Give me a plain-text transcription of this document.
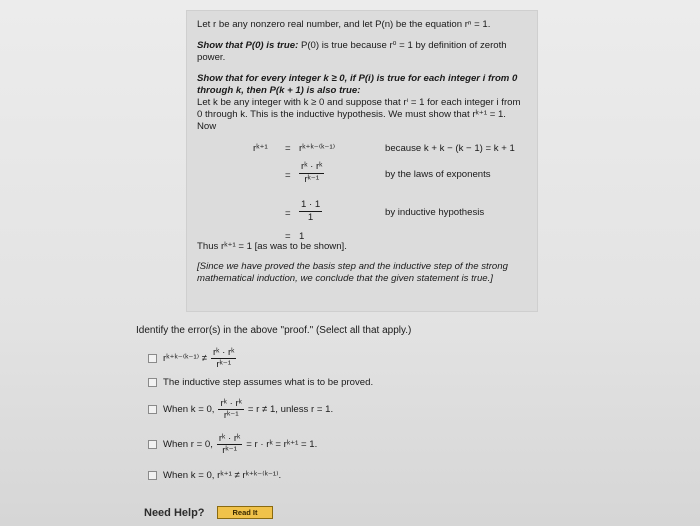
Let r be any nonzero real number, and let P(n) be the equation rⁿ = 1.

Show that P(0) is true: P(0) is true because r⁰ = 1 by definition of zeroth power.

Show that for every integer k ≥ 0, if P(i) is true for each integer i from 0 through k, then P(k + 1) is also true:

Let k be any integer with k ≥ 0 and suppose that rⁱ = 1 for each integer i from 0 through k. This is the inductive hypothesis. We must show that rᵏ⁺¹ = 1. Now

rᵏ⁺¹ = rᵏ⁺ᵏ⁻⁽ᵏ⁻¹⁾	because k + k − (k − 1) = k + 1
= $\frac{\text{rᵏ · rᵏ}}{\text{rᵏ⁻¹}}$	by the laws of exponents
= $\frac{1 \cdot 1}{1}$	by inductive hypothesis
= 1

Thus rᵏ⁺¹ = 1 [as was to be shown].

[Since we have proved the basis step and the inductive step of the strong mathematical induction, we conclude that the given statement is true.]

Identify the error(s) in the above "proof." (Select all that apply.)
rᵏ⁺ᵏ⁻⁽ᵏ⁻¹⁾ ≠ $\frac{\text{rᵏ · rᵏ}}{\text{rᵏ⁻¹}}$
The inductive step assumes what is to be proved.
When k = 0, $\frac{\text{rᵏ · rᵏ}}{\text{rᵏ⁻¹}} = r \ne 1$, unless r = 1.
When r = 0, $\frac{\text{rᵏ · rᵏ}}{\text{rᵏ⁻¹}} = r$ · rᵏ = rᵏ⁺¹ = 1.
When k = 0, rᵏ⁺¹ ≠ rᵏ⁺ᵏ⁻⁽ᵏ⁻¹⁾.
Need Help?	Read It
